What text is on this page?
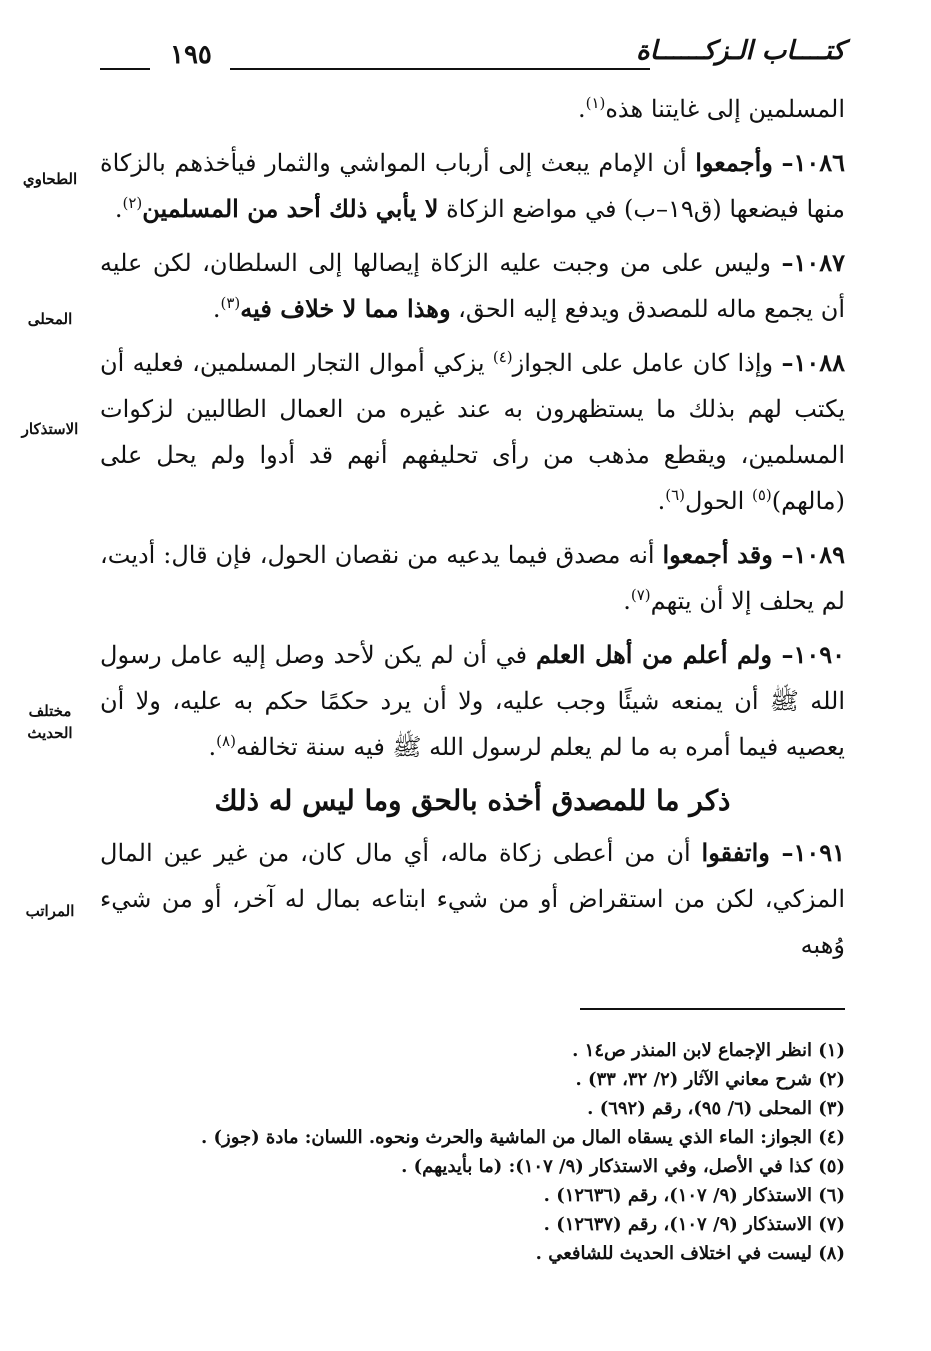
١٩٥	كتــــاب الـزكــــــاة
الطحاوي
المحلى
الاستذكار
مختلف الحديث
المراتب

المسلمين إلى غايتنا هذه$^{(١)}$.

١٠٨٦– وأجمعوا أن الإمام يبعث إلى أرباب المواشي والثمار فيأخذهم بالزكاة منها فيضعها (ق١٩–ب) في مواضع الزكاة لا يأبي ذلك أحد من المسلمين$^{(٢)}$.

١٠٨٧– وليس على من وجبت عليه الزكاة إيصالها إلى السلطان، لكن عليه أن يجمع ماله للمصدق ويدفع إليه الحق، وهذا مما لا خلاف فيه$^{(٣)}$.

١٠٨٨– وإذا كان عامل على الجواز$^{(٤)}$ يزكي أموال التجار المسلمين، فعليه أن يكتب لهم بذلك ما يستظهرون به عند غيره من العمال الطالبين لزكوات المسلمين، ويقطع مذهب من رأى تحليفهم أنهم قد أدوا ولم يحل على (مالهم)$^{(٥)}$ الحول$^{(٦)}$.

١٠٨٩– وقد أجمعوا أنه مصدق فيما يدعيه من نقصان الحول، فإن قال: أديت، لم يحلف إلا أن يتهم$^{(٧)}$.

١٠٩٠– ولم أعلم من أهل العلم في أن لم يكن لأحد وصل إليه عامل رسول الله ﷺ أن يمنعه شيئًا وجب عليه، ولا أن يرد حكمًا حكم به عليه، ولا أن يعصيه فيما أمره به ما لم يعلم لرسول الله ﷺ فيه سنة تخالفه$^{(٨)}$.

ذكر ما للمصدق أخذه بالحق وما ليس له ذلك

١٠٩١– واتفقوا أن من أعطى زكاة ماله، أي مال كان، من غير عين المال المزكي، لكن من استقراض أو من شيء ابتاعه بمال له آخر، أو من شيء وُهبه

(١) انظر الإجماع لابن المنذر ص١٤ .
(٢) شرح معاني الآثار (٢/ ٣٢، ٣٣) .
(٣) المحلى (٦/ ٩٥)، رقم (٦٩٢) .
(٤) الجواز: الماء الذي يسقاه المال من الماشية والحرث ونحوه. اللسان: مادة (جوز) .
(٥) كذا في الأصل، وفي الاستذكار (٩/ ١٠٧): (ما بأيديهم) .
(٦) الاستذكار (٩/ ١٠٧)، رقم (١٢٦٣٦) .
(٧) الاستذكار (٩/ ١٠٧)، رقم (١٢٦٣٧) .
(٨) ليست في اختلاف الحديث للشافعي .
